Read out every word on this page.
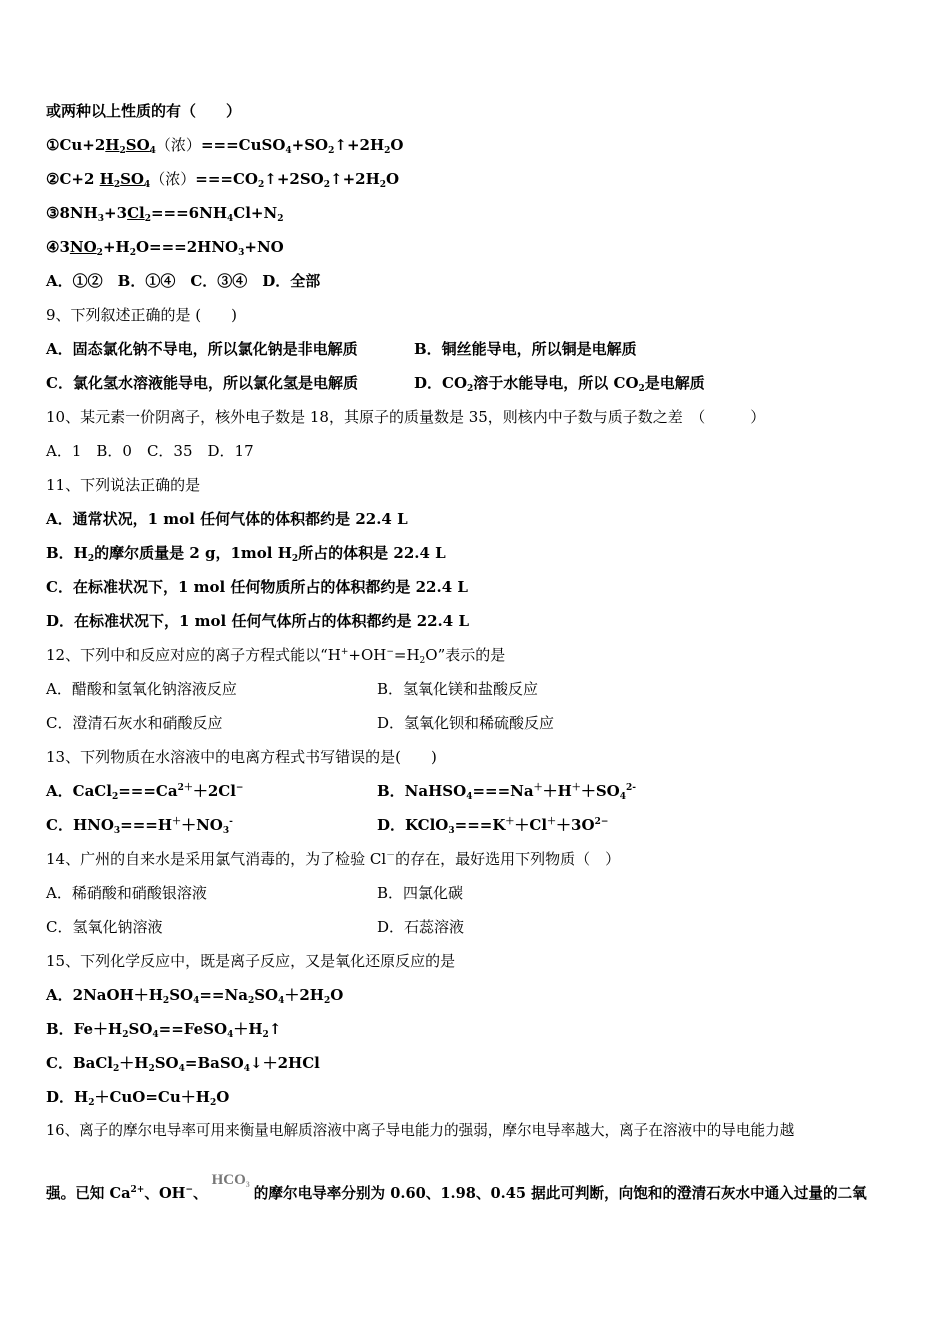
或两种以上性质的有（　　）
$①Cu+2H_2SO_4$（浓）$===CuSO_4+SO_2↑+2H_2O$
②C+2 $H_2SO_4$（浓）$===CO_2↑+2SO_2↑+2H_2O$
$③8NH_3+3Cl_2===6NH_4Cl+N_2$
$④3NO_2+H_2O===2HNO_3+NO$
A．①②　B．①④　C．③④　D．全部
9、下列叙述正确的是 (　　)
A．固态氯化钠不导电，所以氯化钠是非电解质	B．铜丝能导电，所以铜是电解质
C．氯化氢水溶液能导电，所以氯化氢是电解质	D．$CO_2$溶于水能导电，所以 $CO_2$是电解质
10、某元素一价阴离子，核外电子数是 18，其原子的质量数是 35，则核内中子数与质子数之差　（　　　）
A．1　B．0　C．35　D．17
11、下列说法正确的是
A．通常状况，1 mol 任何气体的体积都约是 22.4 L
B．$H_2$的摩尔质量是 2 g，1mol $H_2$所占的体积是 22.4 L
C．在标准状况下，1 mol 任何物质所占的体积都约是 22.4 L
D．在标准状况下，1 mol 任何气体所占的体积都约是 22.4 L
12、下列中和反应对应的离子方程式能以“$H^++OH^-=H_2O$”表示的是
A．醋酸和氢氧化钠溶液反应	B．氢氧化镁和盐酸反应
C．澄清石灰水和硝酸反应	D．氢氧化钡和稀硫酸反应
13、下列物质在水溶液中的电离方程式书写错误的是(　　)
A．$CaCl_2===Ca^{2+}+2Cl^-$	B．$NaHSO_4===Na^++H^++SO_4^{2-}$
C．$HNO_3===H^++NO_3^-$	D．$KClO_3===K^++Cl^++3O^{2-}$
14、广州的自来水是采用氯气消毒的，为了检验 Cl－的存在，最好选用下列物质（　）
A．稀硝酸和硝酸银溶液	B．四氯化碳
C．氢氧化钠溶液	D．石蕊溶液
15、下列化学反应中，既是离子反应，又是氧化还原反应的是
A．$2NaOH+H_2SO_4==Na_2SO_4+2H_2O$
B．$Fe+H_2SO_4==FeSO_4+H_2↑$
C．$BaCl_2+H_2SO_4=BaSO_4↓+2HCl$
D．$H_2+CuO=Cu+H_2O$
16、离子的摩尔电导率可用来衡量电解质溶液中离子导电能力的强弱，摩尔电导率越大，离子在溶液中的导电能力越
强。已知 $Ca^{2+}$、OH−、$HCO_3$的摩尔电导率分别为 0.60、1.98、0.45 据此可判断，向饱和的澄清石灰水中通入过量的二氧
